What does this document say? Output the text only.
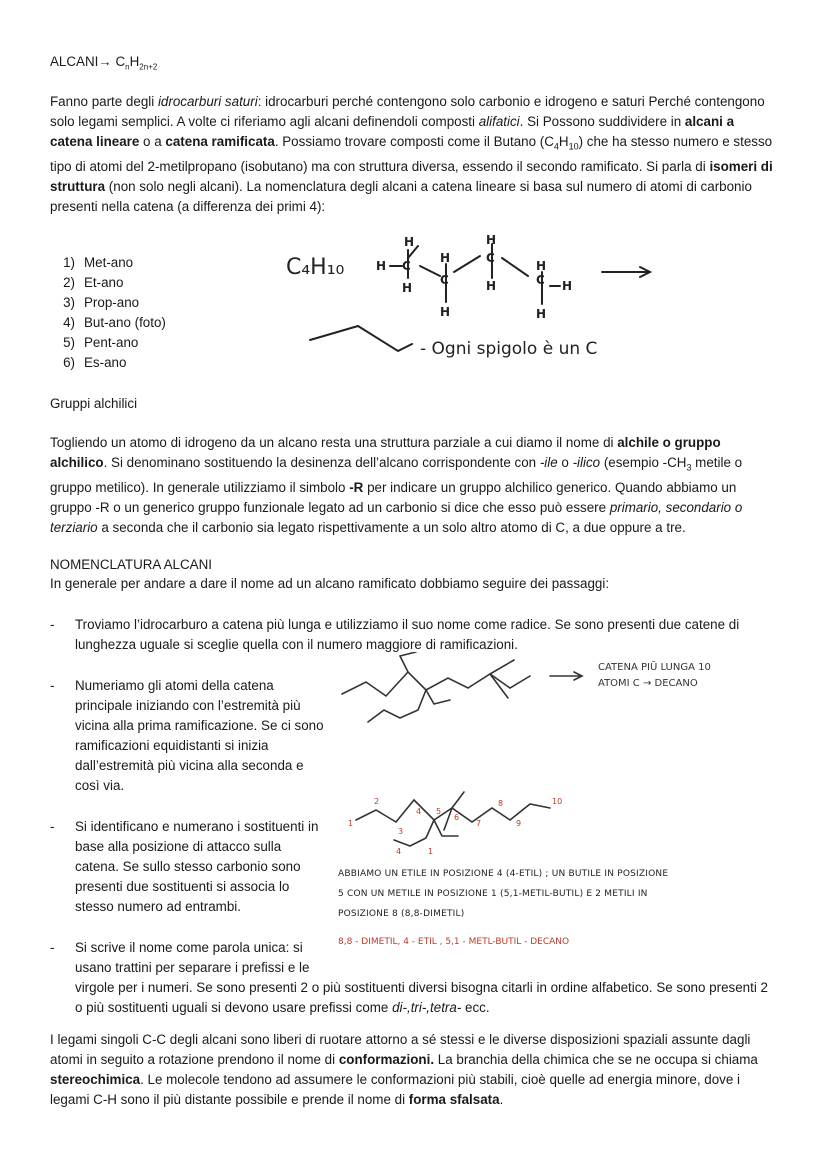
ALCANI→ $C_nH_{2n+2}$

Fanno parte degli idrocarburi saturi: idrocarburi perché contengono solo carbonio e idrogeno e saturi Perché contengono solo legami semplici. A volte ci riferiamo agli alcani definendoli composti alifatici. Si Possono suddividere in alcani a catena lineare o a catena ramificata. Possiamo trovare composti come il Butano $(C_4H_{10})$ che ha stesso numero e stesso tipo di atomi del 2-metilpropano (isobutano) ma con struttura diversa, essendo il secondo ramificato. Si parla di isomeri di struttura (non solo negli alcani). La nomenclatura degli alcani a catena lineare si basa sul numero di atomi di carbonio presenti nella catena (a differenza dei primi 4):

1) Met-ano
2) Et-ano
3) Prop-ano
4) But-ano (foto)
5) Pent-ano
6) Es-ano
C₄H₁₀	H C
H
H
C
H
H
H
C
H	C
H
H
H
- Ogni spigolo è un C

Gruppi alchilici

Togliendo un atomo di idrogeno da un alcano resta una struttura parziale a cui diamo il nome di alchile o gruppo alchilico. Si denominano sostituendo la desinenza dell’alcano corrispondente con -ile o -ilico (esempio $-CH_3$ metile o gruppo metilico). In generale utilizziamo il simbolo -R per indicare un gruppo alchilico generico. Quando abbiamo un gruppo -R o un generico gruppo funzionale legato ad un carbonio si dice che esso può essere primario, secondario o terziario a seconda che il carbonio sia legato rispettivamente a un solo altro atomo di C, a due oppure a tre.

NOMENCLATURA ALCANI

In generale per andare a dare il nome ad un alcano ramificato dobbiamo seguire dei passaggi:

-	Troviamo l’idrocarburo a catena più lunga e utilizziamo il suo nome come radice. Se sono presenti due catene di lunghezza uguale si sceglie quella con il numero maggiore di ramificazioni.
-	Numeriamo gli atomi della catena principale iniziando con l’estremità più vicina alla prima ramificazione. Se ci sono ramificazioni equidistanti si inizia dall’estremità più vicina alla seconda e così via.
-	Si identificano e numerano i sostituenti in base alla posizione di attacco sulla catena. Se sullo stesso carbonio sono presenti due sostituenti si associa lo stesso numero ad entrambi.
-	Si scrive il nome come parola unica: si usano trattini per separare i prefissi e le

virgole per i numeri. Se sono presenti 2 o più sostituenti diversi bisogna citarli in ordine alfabetico. Se sono presenti 2 o più sostituenti uguali si devono usare prefissi come di-,tri-,tetra- ecc.

CATENA PIŪ LUNGA 10
ATOMI C → DECANO
1
2
3
4 5
6
7
8
9
10
4	1
ABBIAMO UN ETILE IN POSIZIONE 4 (4-ETIL) ; UN BUTILE IN POSIZIONE
5 CON UN METILE IN POSIZIONE 1 (5,1-METIL-BUTIL) E 2 METILI IN
POSIZIONE 8 (8,8-DIMETIL)
8,8 - DIMETIL, 4 - ETIL , 5,1 - METL-BUTIL - DECANO

I legami singoli C-C degli alcani sono liberi di ruotare attorno a sé stessi e le diverse disposizioni spaziali assunte dagli atomi in seguito a rotazione prendono il nome di conformazioni. La branchia della chimica che se ne occupa si chiama stereochimica. Le molecole tendono ad assumere le conformazioni più stabili, cioè quelle ad energia minore, dove i legami C-H sono il più distante possibile e prende il nome di forma sfalsata.
